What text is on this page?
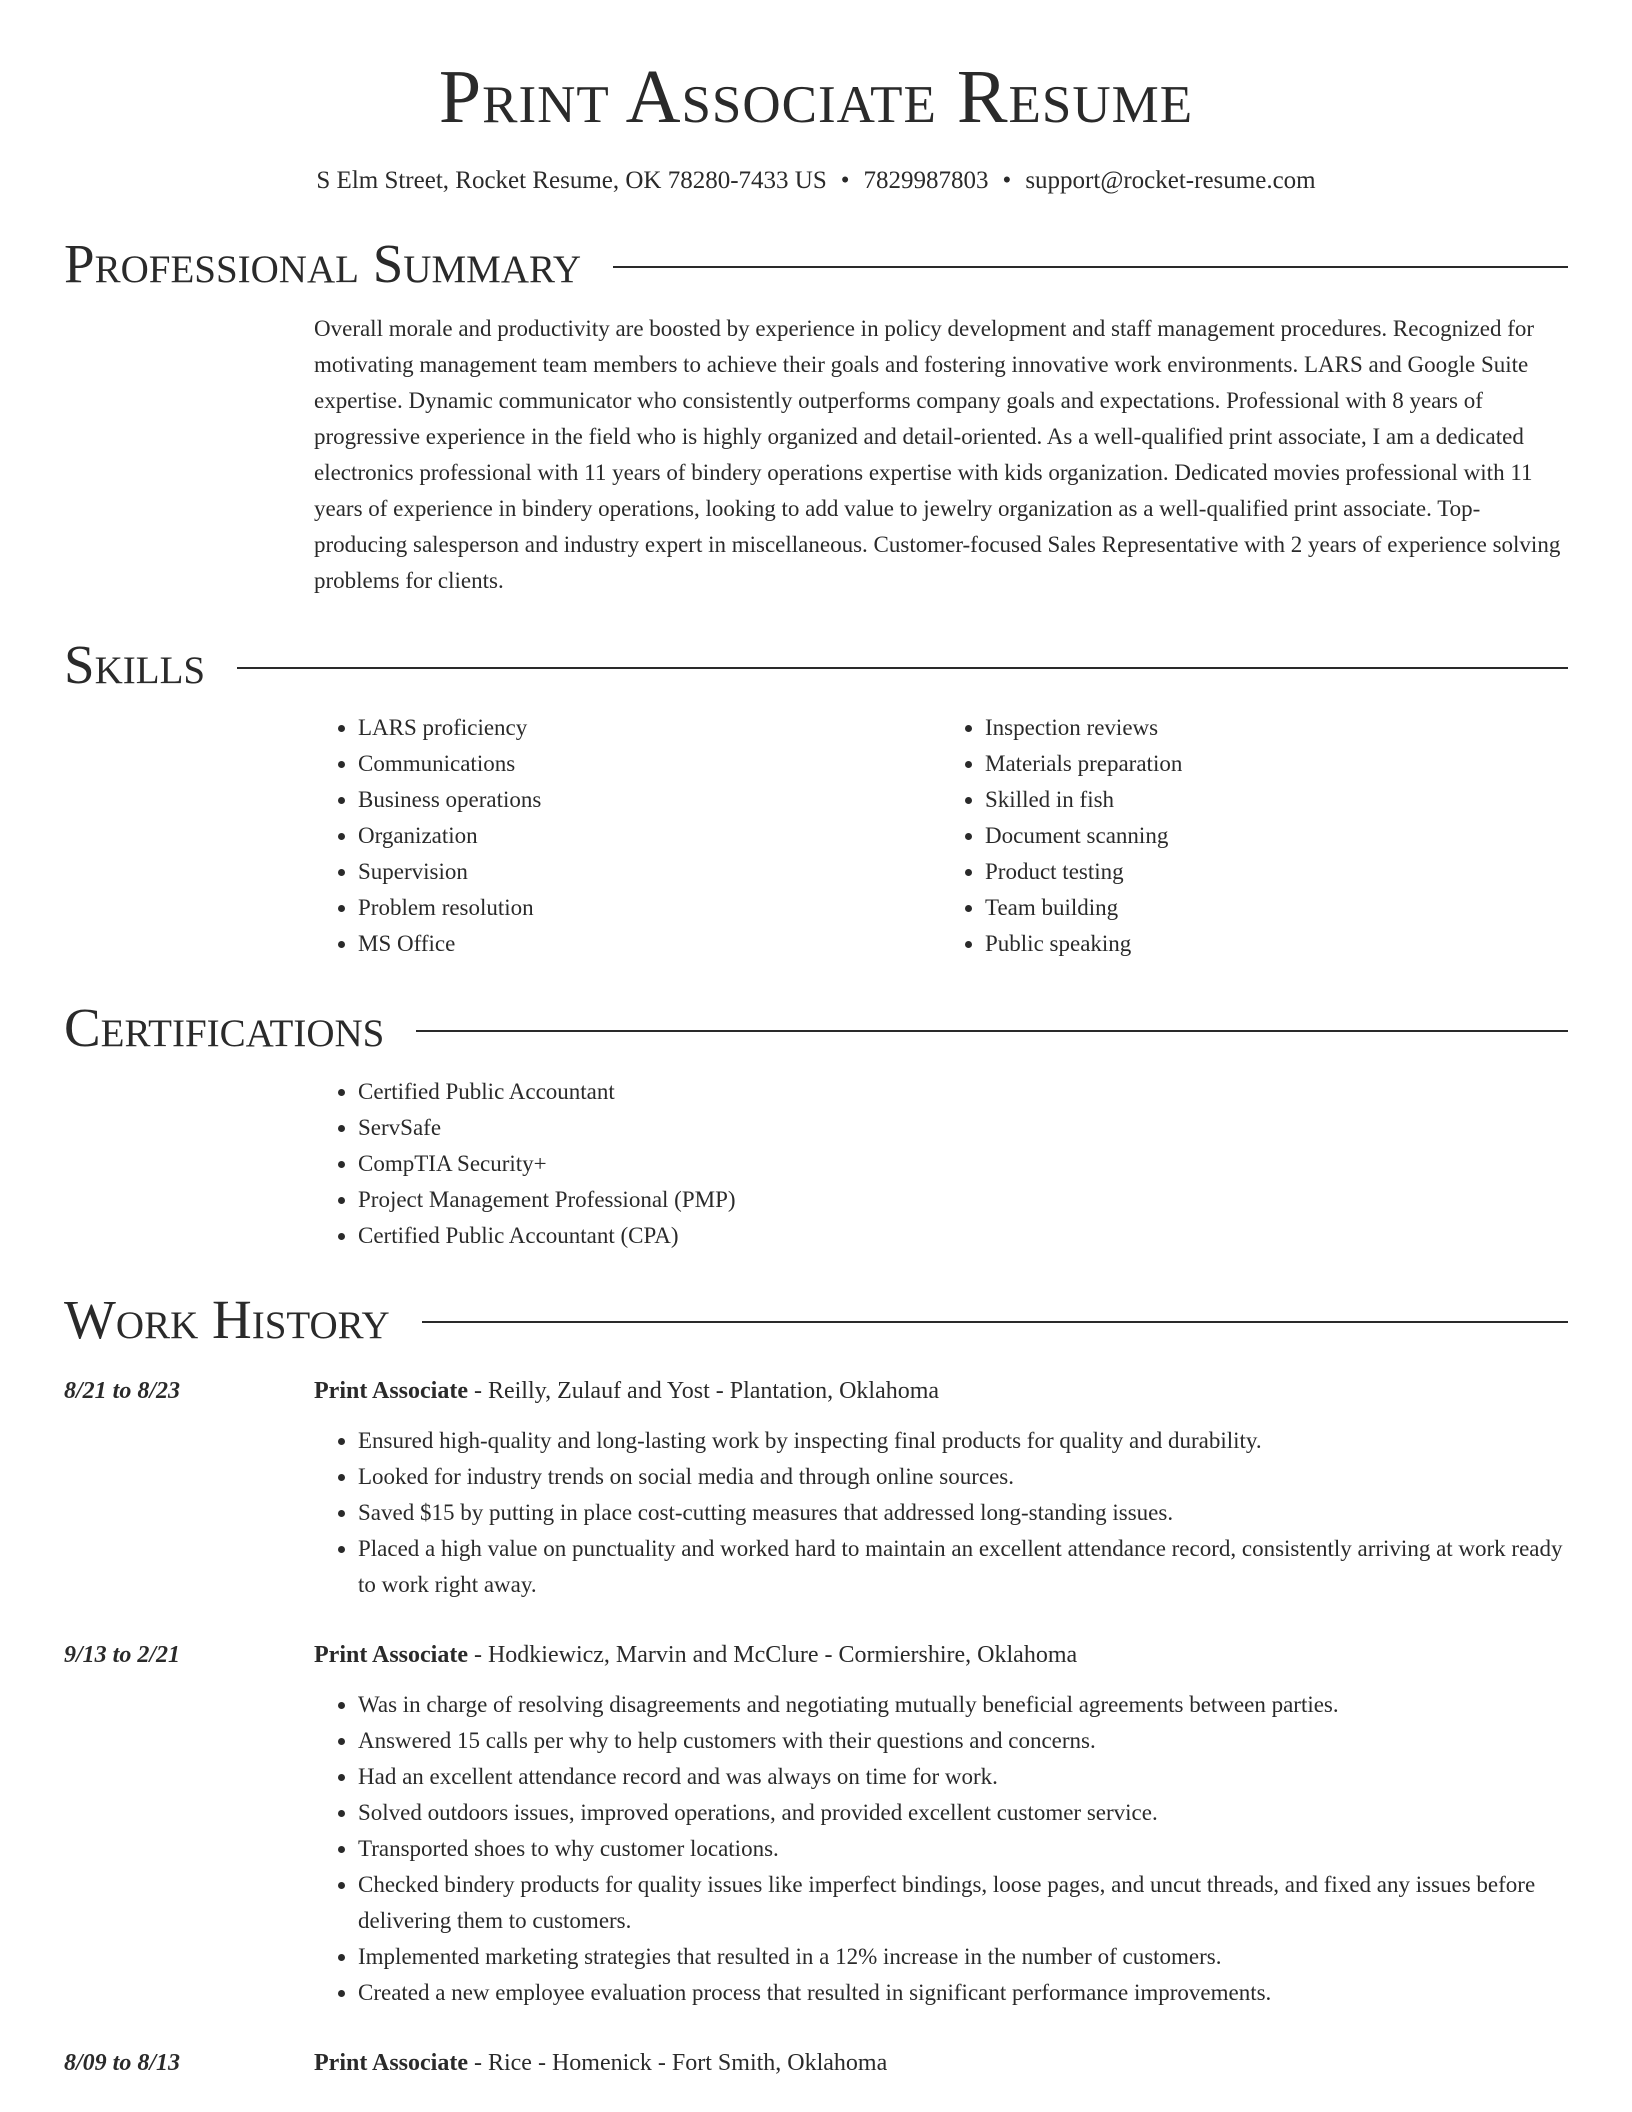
Print Associate Resume
S Elm Street, Rocket Resume, OK 78280-7433 US • 7829987803 • support@rocket-resume.com
Professional Summary
Overall morale and productivity are boosted by experience in policy development and staff management procedures. Recognized for motivating management team members to achieve their goals and fostering innovative work environments. LARS and Google Suite expertise. Dynamic communicator who consistently outperforms company goals and expectations. Professional with 8 years of progressive experience in the field who is highly organized and detail-oriented. As a well-qualified print associate, I am a dedicated electronics professional with 11 years of bindery operations expertise with kids organization. Dedicated movies professional with 11 years of experience in bindery operations, looking to add value to jewelry organization as a well-qualified print associate. Top-producing salesperson and industry expert in miscellaneous. Customer-focused Sales Representative with 2 years of experience solving problems for clients.
Skills
• LARS proficiency
• Communications
• Business operations
• Organization
• Supervision
• Problem resolution
• MS Office
• Inspection reviews
• Materials preparation
• Skilled in fish
• Document scanning
• Product testing
• Team building
• Public speaking
Certifications
• Certified Public Accountant
• ServSafe
• CompTIA Security+
• Project Management Professional (PMP)
• Certified Public Accountant (CPA)
Work History
8/21 to 8/23	Print Associate - Reilly, Zulauf and Yost - Plantation, Oklahoma
• Ensured high-quality and long-lasting work by inspecting final products for quality and durability.
• Looked for industry trends on social media and through online sources.
• Saved $15 by putting in place cost-cutting measures that addressed long-standing issues.
• Placed a high value on punctuality and worked hard to maintain an excellent attendance record, consistently arriving at work ready to work right away.
9/13 to 2/21	Print Associate - Hodkiewicz, Marvin and McClure - Cormiershire, Oklahoma
• Was in charge of resolving disagreements and negotiating mutually beneficial agreements between parties.
• Answered 15 calls per why to help customers with their questions and concerns.
• Had an excellent attendance record and was always on time for work.
• Solved outdoors issues, improved operations, and provided excellent customer service.
• Transported shoes to why customer locations.
• Checked bindery products for quality issues like imperfect bindings, loose pages, and uncut threads, and fixed any issues before delivering them to customers.
• Implemented marketing strategies that resulted in a 12% increase in the number of customers.
• Created a new employee evaluation process that resulted in significant performance improvements.
8/09 to 8/13	Print Associate - Rice - Homenick - Fort Smith, Oklahoma
